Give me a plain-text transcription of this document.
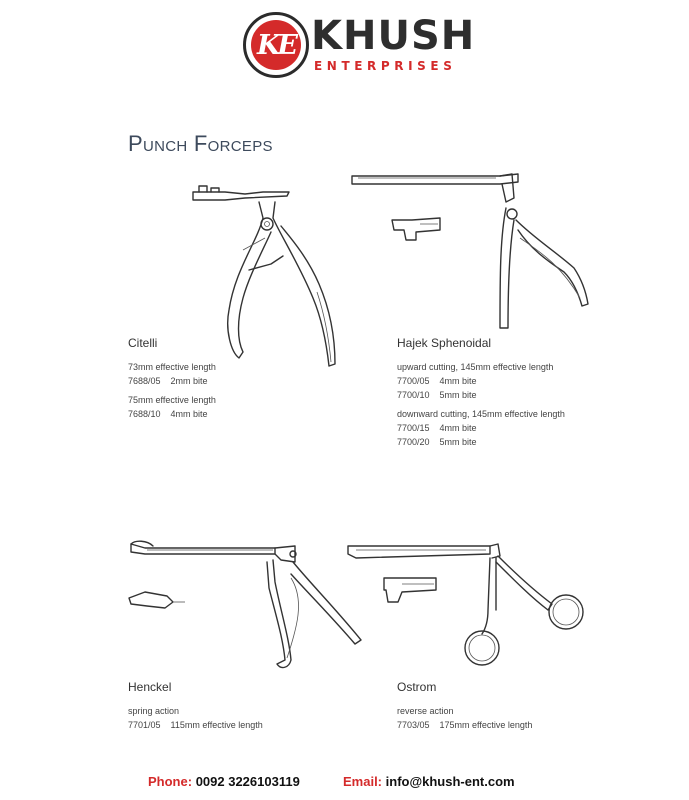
KE KHUSH
ENTERPRISES
Punch Forceps
Citelli
73mm effective length
7688/05 2mm bite
75mm effective length
7688/10 4mm bite
Hajek Sphenoidal
upward cutting, 145mm effective length
7700/05 4mm bite
7700/10 5mm bite
downward cutting, 145mm effective length
7700/15 4mm bite
7700/20 5mm bite
Henckel
spring action
7701/05 115mm effective length
Ostrom
reverse action
7703/05 175mm effective length
Phone: 0092 3226103119	Email: info@khush-ent.com
